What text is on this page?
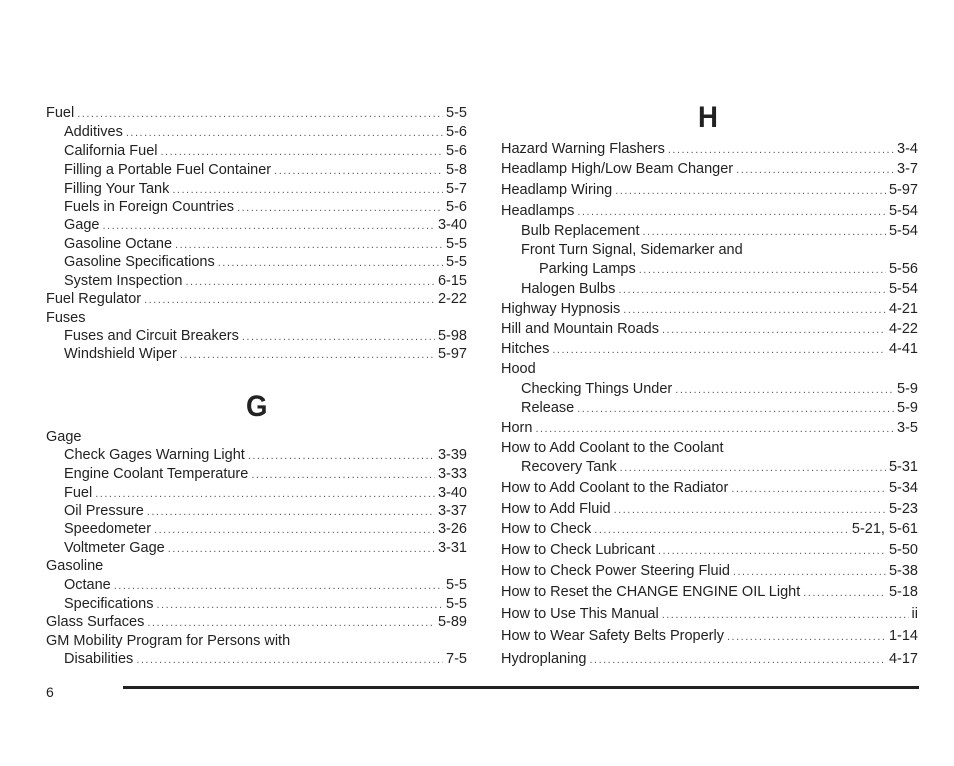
Fuel .....	5-5
Additives .....	5-6
California Fuel .....	5-6
Filling a Portable Fuel Container .....	5-8
Filling Your Tank .....	5-7
Fuels in Foreign Countries .....	5-6
Gage .....	3-40
Gasoline Octane .....	5-5
Gasoline Specifications .....	5-5
System Inspection .....	6-15
Fuel Regulator .....	2-22
Fuses
Fuses and Circuit Breakers .....	5-98
Windshield Wiper .....	5-97
G
Gage
Check Gages Warning Light .....	3-39
Engine Coolant Temperature .....	3-33
Fuel .....	3-40
Oil Pressure .....	3-37
Speedometer .....	3-26
Voltmeter Gage .....	3-31
Gasoline
Octane .....	5-5
Specifications .....	5-5
Glass Surfaces .....	5-89
GM Mobility Program for Persons with
Disabilities .....	7-5
H
Hazard Warning Flashers .....	3-4
Headlamp High/Low Beam Changer .....	3-7
Headlamp Wiring .....	5-97
Headlamps .....	5-54
Bulb Replacement .....	5-54
Front Turn Signal, Sidemarker and
Parking Lamps .....	5-56
Halogen Bulbs .....	5-54
Highway Hypnosis .....	4-21
Hill and Mountain Roads .....	4-22
Hitches .....	4-41
Hood
Checking Things Under .....	5-9
Release .....	5-9
Horn .....	3-5
How to Add Coolant to the Coolant
Recovery Tank .....	5-31
How to Add Coolant to the Radiator .....	5-34
How to Add Fluid .....	5-23
How to Check .....	5-21, 5-61
How to Check Lubricant .....	5-50
How to Check Power Steering Fluid .....	5-38
How to Reset the CHANGE ENGINE OIL Light .....	5-18
How to Use This Manual .....	ii
How to Wear Safety Belts Properly .....	1-14
Hydroplaning .....	4-17
6
